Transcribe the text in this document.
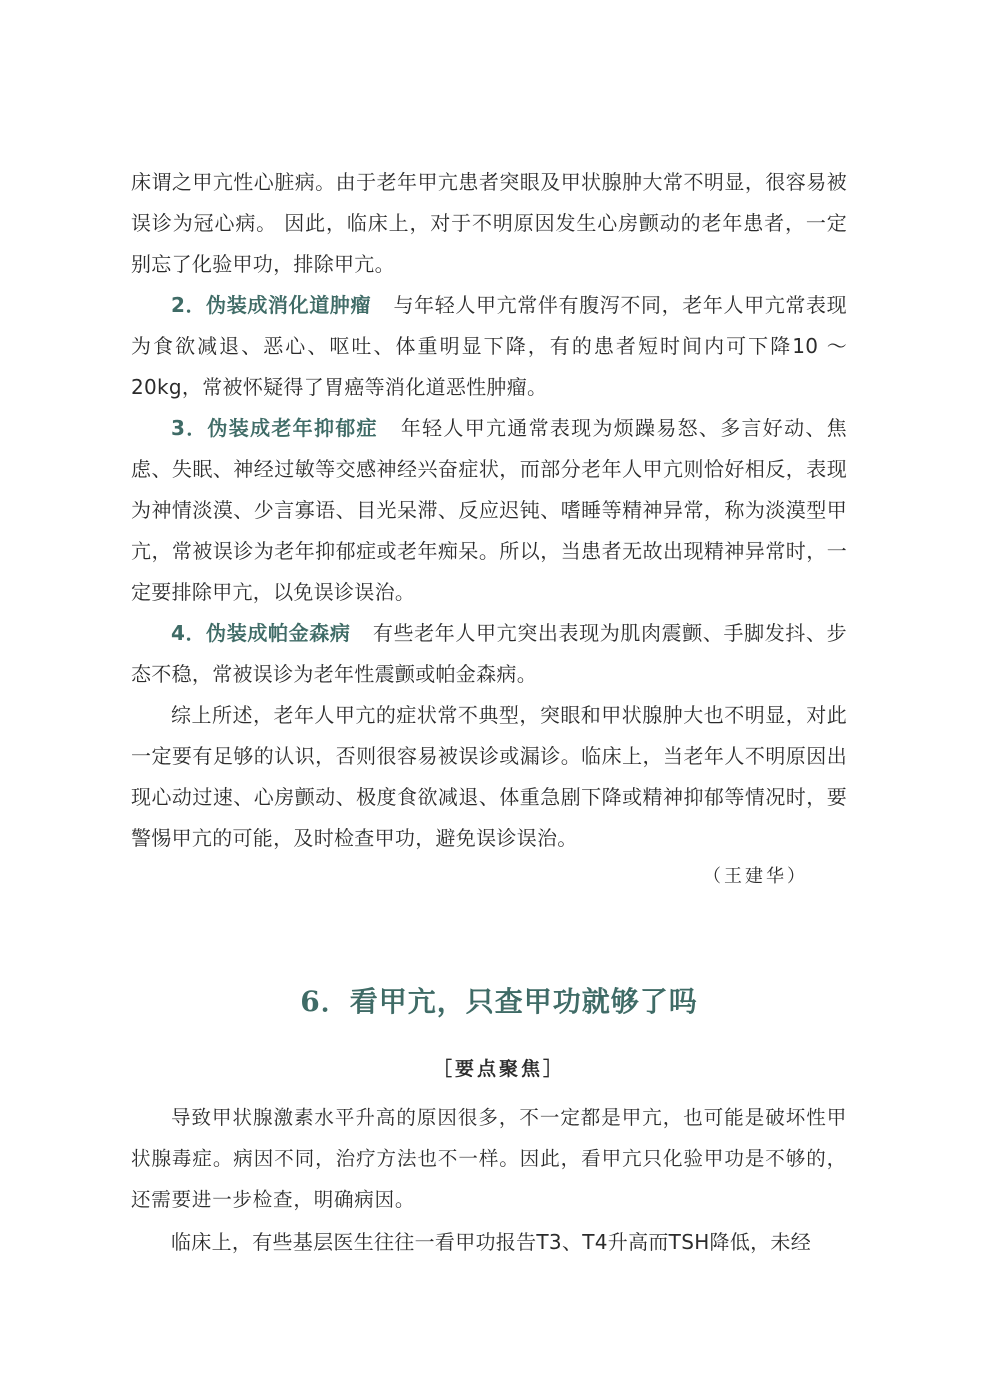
床谓之甲亢性心脏病。由于老年甲亢患者突眼及甲状腺肿大常不明显，很容易被误诊为冠心病。 因此，临床上，对于不明原因发生心房颤动的老年患者，一定别忘了化验甲功，排除甲亢。

2．伪装成消化道肿瘤 与年轻人甲亢常伴有腹泻不同，老年人甲亢常表现为食欲减退、恶心、呕吐、体重明显下降，有的患者短时间内可下降10 ～ 20kg，常被怀疑得了胃癌等消化道恶性肿瘤。

3．伪装成老年抑郁症 年轻人甲亢通常表现为烦躁易怒、多言好动、焦虑、失眠、神经过敏等交感神经兴奋症状，而部分老年人甲亢则恰好相反，表现为神情淡漠、少言寡语、目光呆滞、反应迟钝、嗜睡等精神异常，称为淡漠型甲亢，常被误诊为老年抑郁症或老年痴呆。所以，当患者无故出现精神异常时，一定要排除甲亢，以免误诊误治。

4．伪装成帕金森病 有些老年人甲亢突出表现为肌肉震颤、手脚发抖、步态不稳，常被误诊为老年性震颤或帕金森病。

综上所述，老年人甲亢的症状常不典型，突眼和甲状腺肿大也不明显，对此一定要有足够的认识，否则很容易被误诊或漏诊。临床上，当老年人不明原因出现心动过速、心房颤动、极度食欲减退、体重急剧下降或精神抑郁等情况时，要警惕甲亢的可能，及时检查甲功，避免误诊误治。

（王建华）
6．看甲亢，只查甲功就够了吗
［要点聚焦］

导致甲状腺激素水平升高的原因很多，不一定都是甲亢，也可能是破坏性甲状腺毒症。病因不同，治疗方法也不一样。因此，看甲亢只化验甲功是不够的，还需要进一步检查，明确病因。

临床上，有些基层医生往往一看甲功报告T3、T4升高而TSH降低，未经
